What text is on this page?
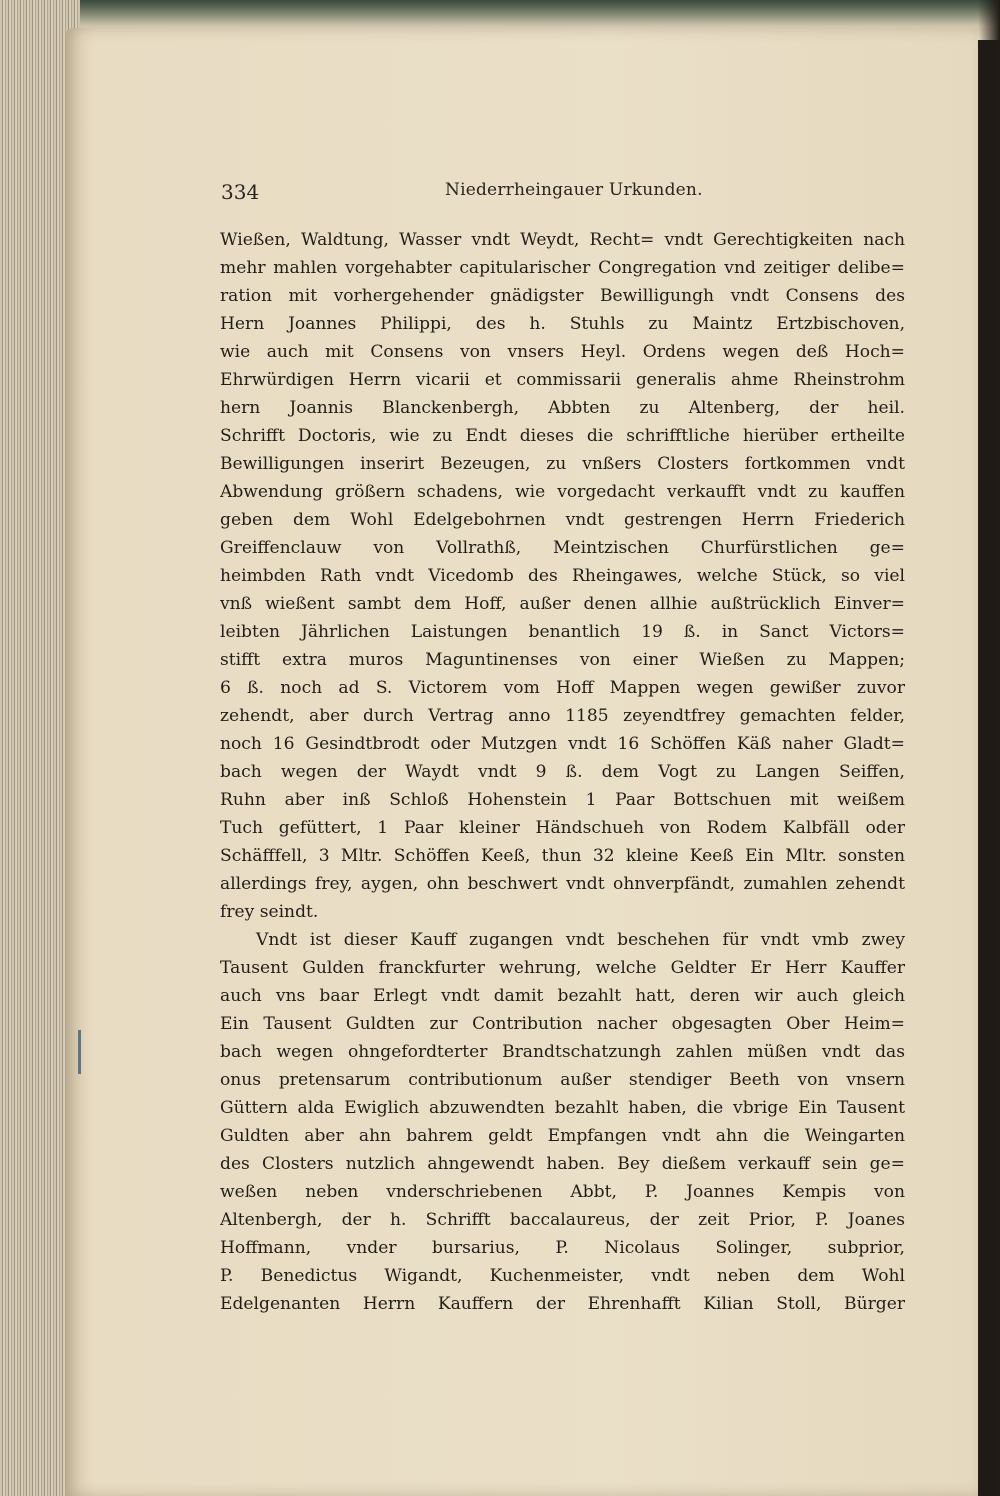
334	Niederrheingauer Urkunden.
Wießen, Waldtung, Wasser vndt Weydt, Recht= vndt Gerechtigkeiten nach
mehr mahlen vorgehabter capitularischer Congregation vnd zeitiger delibe=
ration mit vorhergehender gnädigster Bewilligungh vndt Consens des
Hern Joannes Philippi, des h. Stuhls zu Maintz Ertzbischoven,
wie auch mit Consens von vnsers Heyl. Ordens wegen deß Hoch=
Ehrwürdigen Herrn vicarii et commissarii generalis ahme Rheinstrohm
hern Joannis Blanckenbergh, Abbten zu Altenberg, der heil.
Schrifft Doctoris, wie zu Endt dieses die schrifftliche hierüber ertheilte
Bewilligungen inserirt Bezeugen, zu vnßers Closters fortkommen vndt
Abwendung größern schadens, wie vorgedacht verkaufft vndt zu kauffen
geben dem Wohl Edelgebohrnen vndt gestrengen Herrn Friederich
Greiffenclauw von Vollrathß, Meintzischen Churfürstlichen ge=
heimbden Rath vndt Vicedomb des Rheingawes, welche Stück, so viel
vnß wießent sambt dem Hoff, außer denen allhie außtrücklich Einver=
leibten Jährlichen Laistungen benantlich 19 ß. in Sanct Victors=
stifft extra muros Maguntinenses von einer Wießen zu Mappen;
6 ß. noch ad S. Victorem vom Hoff Mappen wegen gewißer zuvor
zehendt, aber durch Vertrag anno 1185 zeyendtfrey gemachten felder,
noch 16 Gesindtbrodt oder Mutzgen vndt 16 Schöffen Käß naher Gladt=
bach wegen der Waydt vndt 9 ß. dem Vogt zu Langen Seiffen,
Ruhn aber inß Schloß Hohenstein 1 Paar Bottschuen mit weißem
Tuch gefüttert, 1 Paar kleiner Händschueh von Rodem Kalbfäll oder
Schäfffell, 3 Mltr. Schöffen Keeß, thun 32 kleine Keeß Ein Mltr. sonsten
allerdings frey, aygen, ohn beschwert vndt ohnverpfändt, zumahlen zehendt
frey seindt.
Vndt ist dieser Kauff zugangen vndt beschehen für vndt vmb zwey
Tausent Gulden franckfurter wehrung, welche Geldter Er Herr Kauffer
auch vns baar Erlegt vndt damit bezahlt hatt, deren wir auch gleich
Ein Tausent Guldten zur Contribution nacher obgesagten Ober Heim=
bach wegen ohngefordterter Brandtschatzungh zahlen müßen vndt das
onus pretensarum contributionum außer stendiger Beeth von vnsern
Güttern alda Ewiglich abzuwendten bezahlt haben, die vbrige Ein Tausent
Guldten aber ahn bahrem geldt Empfangen vndt ahn die Weingarten
des Closters nutzlich ahngewendt haben. Bey dießem verkauff sein ge=
weßen neben vnderschriebenen Abbt, P. Joannes Kempis von
Altenbergh, der h. Schrifft baccalaureus, der zeit Prior, P. Joanes
Hoffmann, vnder bursarius, P. Nicolaus Solinger, subprior,
P. Benedictus Wigandt, Kuchenmeister, vndt neben dem Wohl
Edelgenanten Herrn Kauffern der Ehrenhafft Kilian Stoll, Bürger
